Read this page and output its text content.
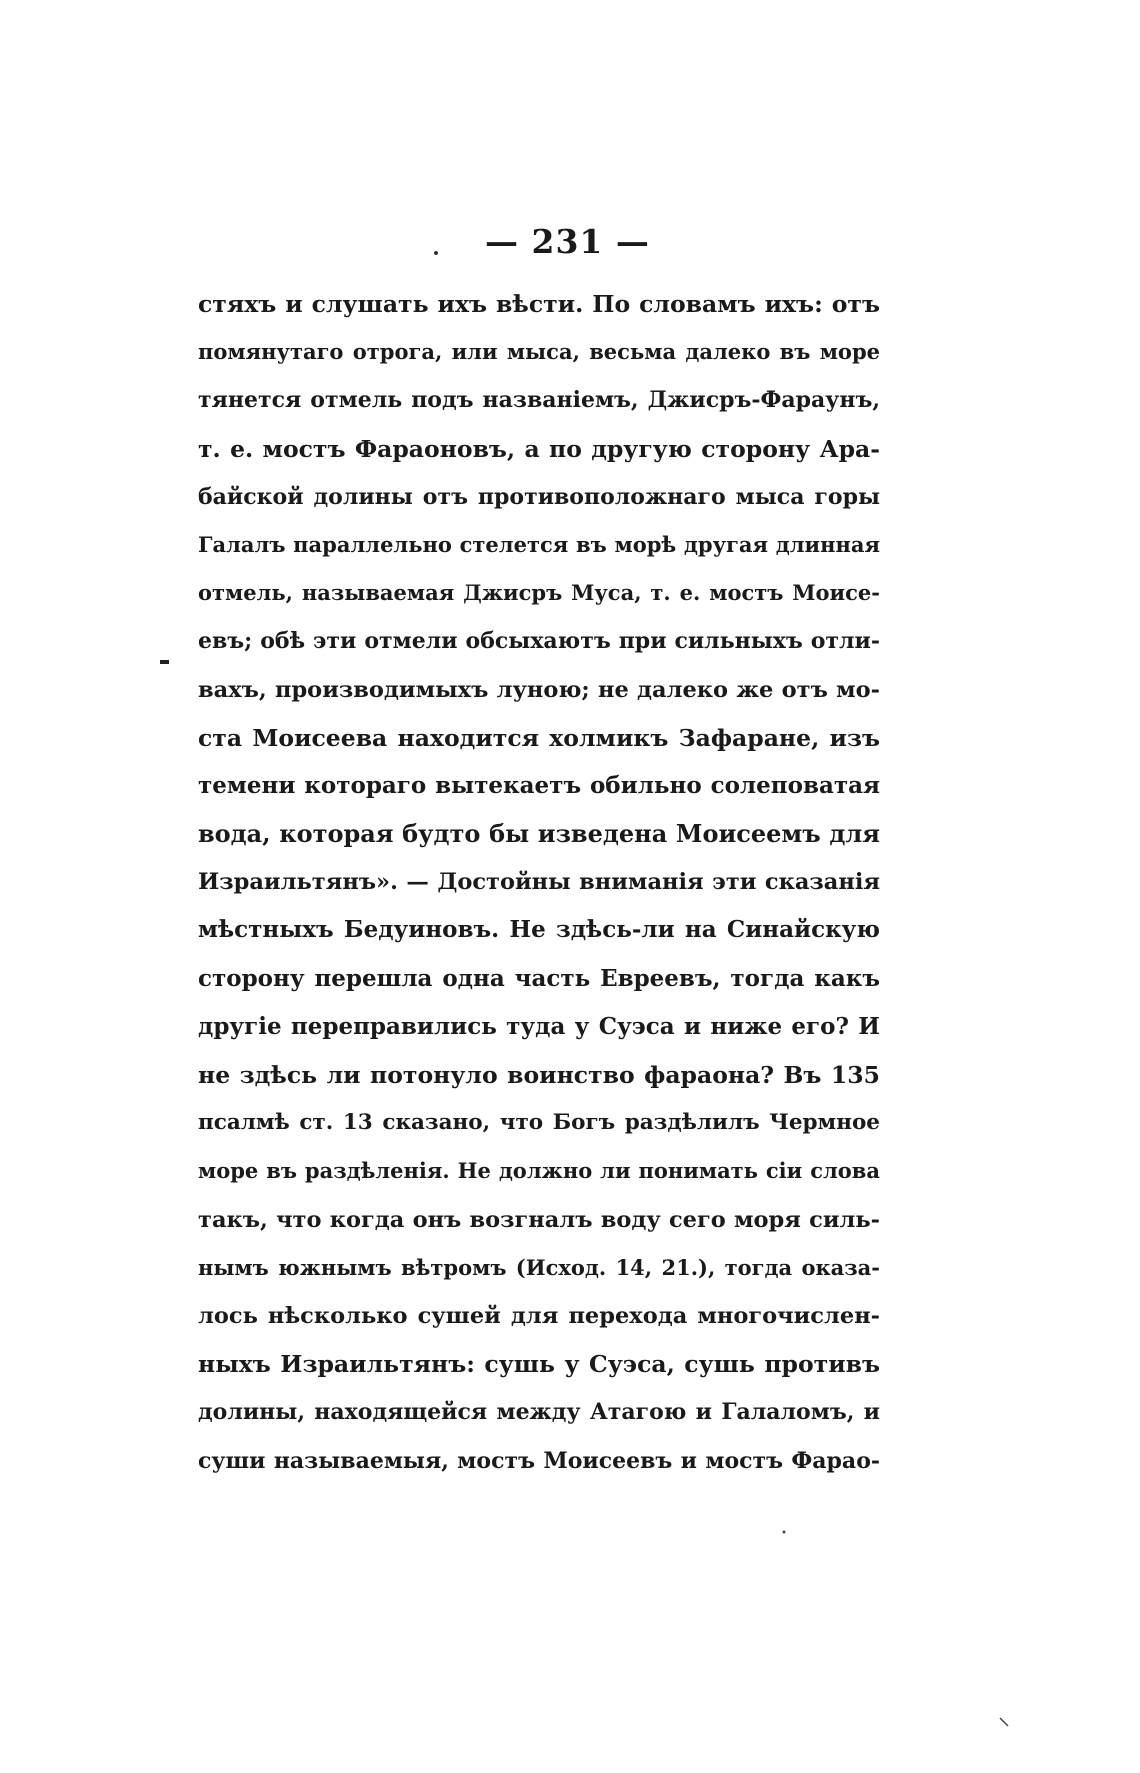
— 231 —
стяхъ и слушать ихъ вѣсти. По словамъ ихъ: отъ
помянутаго отрога, или мыса, весьма далеко въ море
тянется отмель подъ названiемъ, Джисръ-Фараунъ,
т. е. мостъ Фараоновъ, а по другую сторону Ара-
байской долины отъ противоположнаго мыса горы
Галалъ параллельно стелется въ морѣ другая длинная
отмель, называемая Джисръ Муса, т. е. мостъ Моисе-
евъ; обѣ эти отмели обсыхаютъ при сильныхъ отли-
вахъ, производимыхъ луною; не далеко же отъ мо-
ста Моисеева находится холмикъ Зафаране, изъ
темени котораго вытекаетъ обильно солеповатая
вода, которая будто бы изведена Моисеемъ для
Израильтянъ». — Достойны вниманiя эти сказанiя
мѣстныхъ Бедуиновъ. Не здѣсь-ли на Синайскую
сторону перешла одна часть Евреевъ, тогда какъ
другiе переправились туда у Суэса и ниже его? И
не здѣсь ли потонуло воинство фараона? Въ 135
псалмѣ ст. 13 сказано, что Богъ раздѣлилъ Чермное
море въ раздѣленiя. Не должно ли понимать сiи слова
такъ, что когда онъ возгналъ воду сего моря силь-
нымъ южнымъ вѣтромъ (Исход. 14, 21.), тогда оказа-
лось нѣсколько сушей для перехода многочислен-
ныхъ Израильтянъ: сушь у Суэса, сушь противъ
долины, находящейся между Атагою и Галаломъ, и
суши называемыя, мостъ Моисеевъ и мостъ Фарао-
